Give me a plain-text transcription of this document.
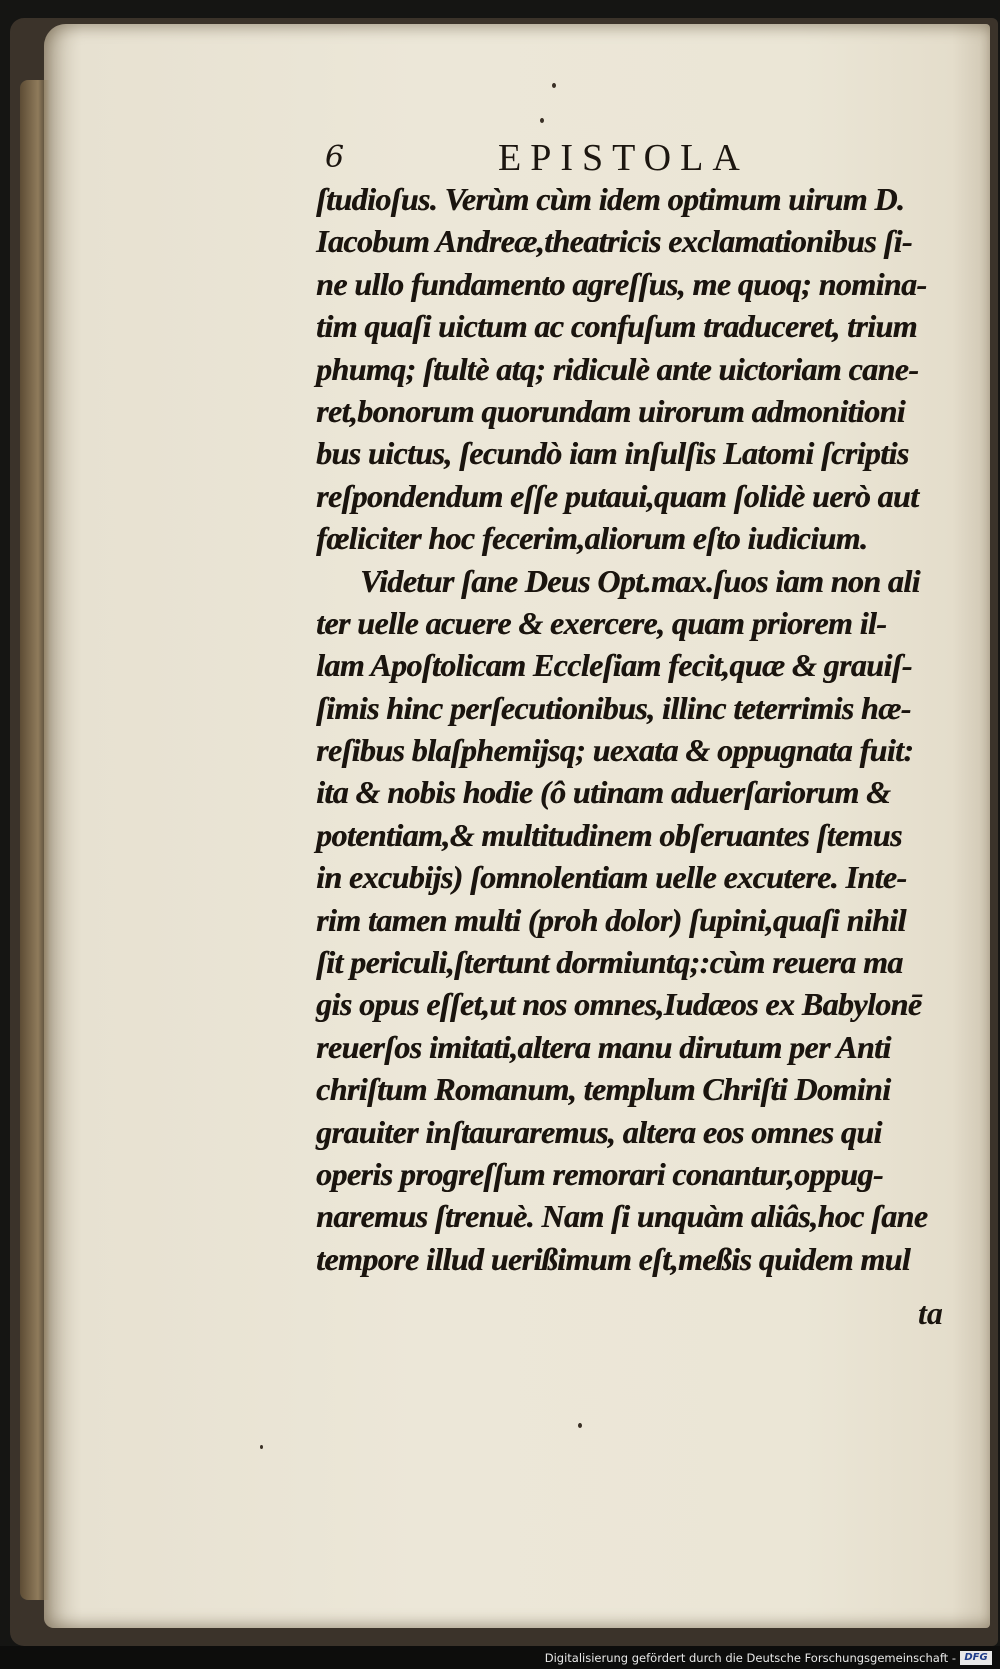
6	EPISTOLA
ſtudioſus. Verùm cùm idem optimum uirum D.
Iacobum Andreæ,theatricis exclamationibus ſi-
ne ullo fundamento agreſſus, me quoq; nomina-
tim quaſi uictum ac confuſum traduceret, trium
phumq; ſtultè atq; ridiculè ante uictoriam cane-
ret,bonorum quorundam uirorum admonitioni
bus uictus, ſecundò iam inſulſis Latomi ſcriptis
reſpondendum eſſe putaui,quam ſolidè uerò aut
fœliciter hoc fecerim,aliorum eſto iudicium.
Videtur ſane Deus Opt.max.ſuos iam non ali
ter uelle acuere & exercere, quam priorem il-
lam Apoſtolicam Eccleſiam fecit,quæ & grauiſ-
ſimis hinc perſecutionibus, illinc teterrimis hæ-
reſibus blaſphemijsq; uexata & oppugnata fuit:
ita & nobis hodie (ô utinam aduerſariorum &
potentiam,& multitudinem obſeruantes ſtemus
in excubijs) ſomnolentiam uelle excutere. Inte-
rim tamen multi (proh dolor) ſupini,quaſi nihil
ſit periculi,ſtertunt dormiuntq;:cùm reuera ma
gis opus eſſet,ut nos omnes,Iudæos ex Babylonē
reuerſos imitati,altera manu dirutum per Anti
chriſtum Romanum, templum Chriſti Domini
grauiter inſtauraremus, altera eos omnes qui
operis progreſſum remorari conantur,oppug-
naremus ſtrenuè. Nam ſi unquàm aliâs,hoc ſane
tempore illud uerißimum eſt,meßis quidem mul
ta
Digitalisierung gefördert durch die Deutsche Forschungsgemeinschaft - DFG
